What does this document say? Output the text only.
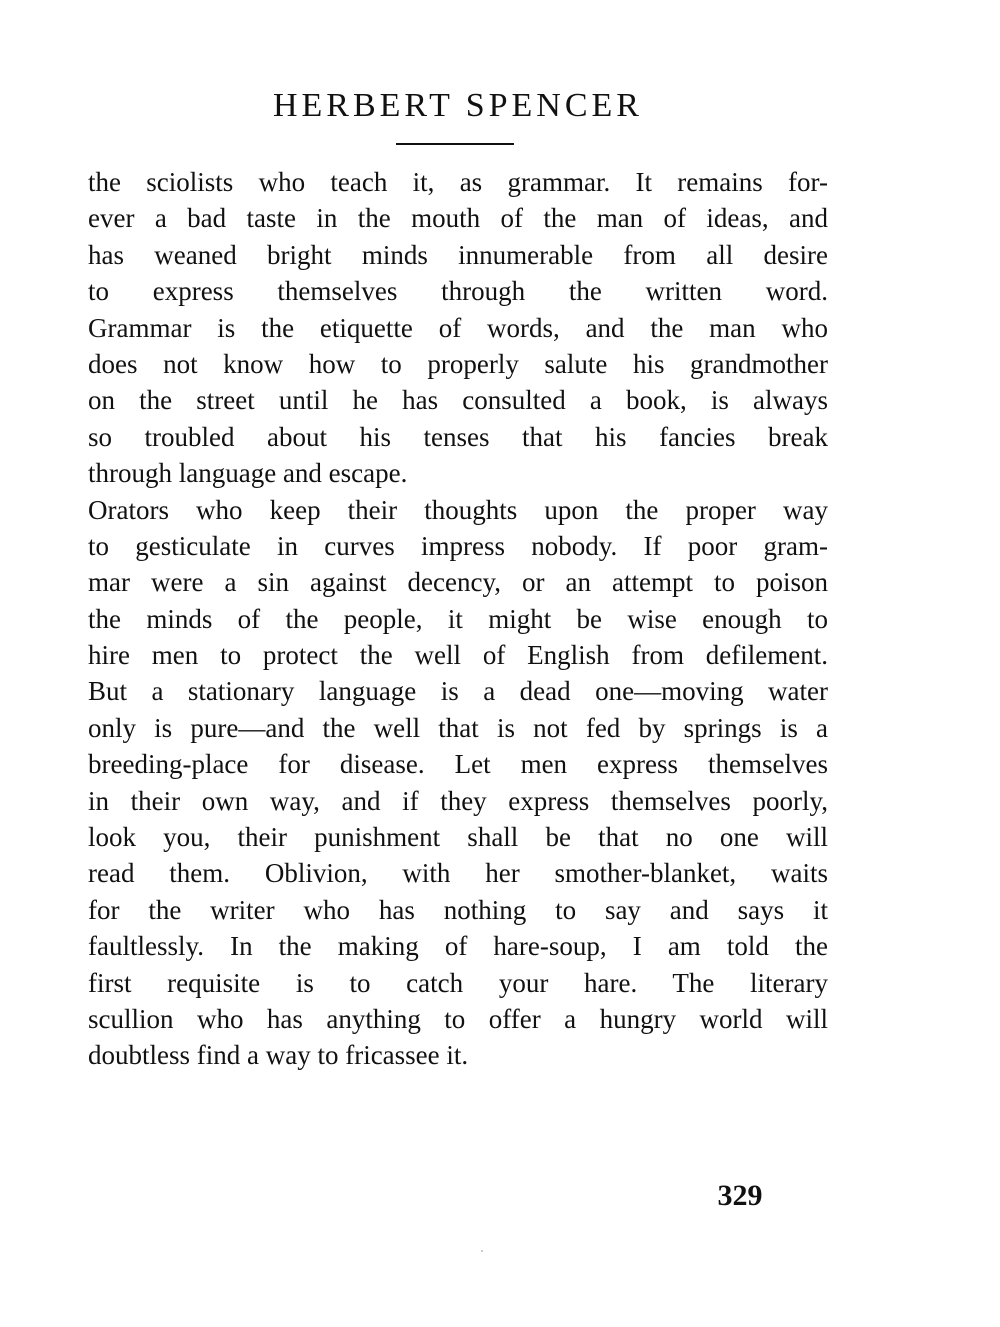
HERBERT SPENCER
the sciolists who teach it, as grammar. It remains for-
ever a bad taste in the mouth of the man of ideas, and
has weaned bright minds innumerable from all desire
to express themselves through the written word.
Grammar is the etiquette of words, and the man who
does not know how to properly salute his grandmother
on the street until he has consulted a book, is always
so troubled about his tenses that his fancies break
through language and escape.
Orators who keep their thoughts upon the proper way
to gesticulate in curves impress nobody. If poor gram-
mar were a sin against decency, or an attempt to poison
the minds of the people, it might be wise enough to
hire men to protect the well of English from defilement.
But a stationary language is a dead one—moving water
only is pure—and the well that is not fed by springs is a
breeding-place for disease. Let men express themselves
in their own way, and if they express themselves poorly,
look you, their punishment shall be that no one will
read them. Oblivion, with her smother-blanket, waits
for the writer who has nothing to say and says it
faultlessly. In the making of hare-soup, I am told the
first requisite is to catch your hare. The literary
scullion who has anything to offer a hungry world will
doubtless find a way to fricassee it.
329
